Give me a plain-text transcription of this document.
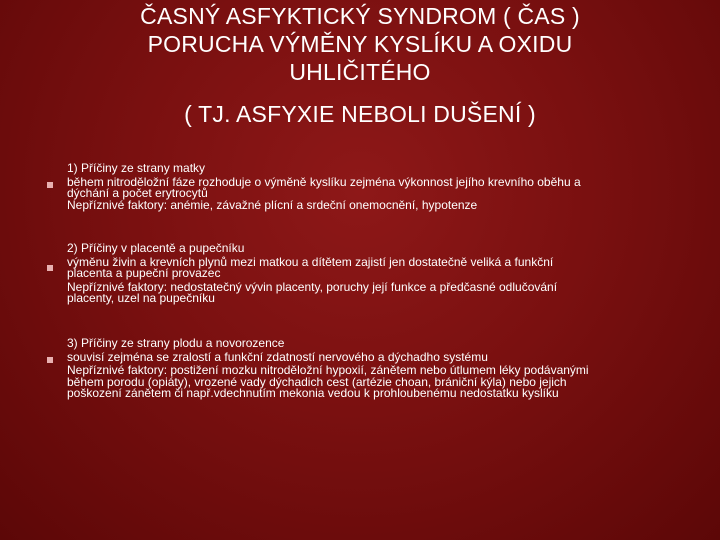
ČASNÝ ASFYKTICKÝ SYNDROM ( ČAS )
PORUCHA VÝMĚNY KYSLÍKU A OXIDU
UHLIČITÉHO
( TJ. ASFYXIE NEBOLI DUŠENÍ )
1) Příčiny ze strany matky
během nitroděložní fáze rozhoduje o výměně kyslíku zejména výkonnost jejího krevního oběhu a
dýchání a počet erytrocytů
Nepříznivé faktory: anémie, závažné plícní a srdeční onemocnění, hypotenze
2) Příčiny v placentě a pupečníku
výměnu živin a krevních plynů mezi matkou a dítětem zajistí jen dostatečně veliká a funkční
placenta a pupeční provazec
Nepříznivé faktory: nedostatečný vývin placenty, poruchy její funkce a předčasné odlučování
placenty, uzel na pupečníku
3) Příčiny ze strany plodu a novorozence
souvisí zejména se zralostí a funkční zdatností nervového a dýchadho systému
Nepříznivé faktory: postižení mozku nitroděložní hypoxií, zánětem nebo útlumem léky podávanými
během porodu (opiáty), vrozené vady dýchadich cest (artézie choan, brániční kýla) nebo jejich
poškození zánětem či např.vdechnutím mekonia vedou k prohloubenému nedostatku kyslíku
